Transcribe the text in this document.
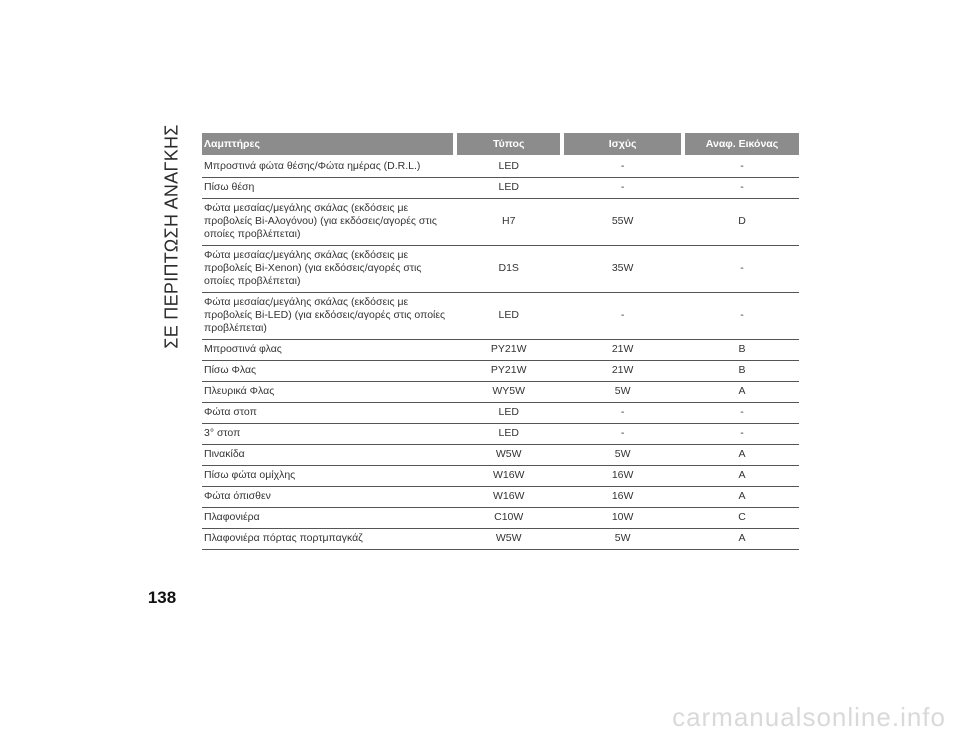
ΣΕ ΠΕΡΙΠΤΩΣΗ ΑΝΑΓΚΗΣ Λαμπτήρες		Τύπος		Ισχύς		Αναφ. Εικόνας
Μπροστινά φώτα θέσης/Φώτα ημέρας (D.R.L.)		LED		-		-
Πίσω θέση		LED		-		-
Φώτα μεσαίας/μεγάλης σκάλας (εκδόσεις με προβολείς Bi-Αλογόνου) (για εκδόσεις/αγορές στις οποίες προβλέπεται)		H7		55W		D
Φώτα μεσαίας/μεγάλης σκάλας (εκδόσεις με προβολείς Bi-Xenon) (για εκδόσεις/αγορές στις οποίες προβλέπεται)		D1S		35W		-
Φώτα μεσαίας/μεγάλης σκάλας (εκδόσεις με προβολείς Bi-LED) (για εκδόσεις/αγορές στις οποίες προβλέπεται)		LED		-		-
Μπροστινά φλας		PY21W		21W		B
Πίσω Φλας		PY21W		21W		B
Πλευρικά Φλας		WY5W		5W		A
Φώτα στοπ		LED		-		-
3° στοπ		LED		-		-
Πινακίδα		W5W		5W		A
Πίσω φώτα ομίχλης		W16W		16W		A
Φώτα όπισθεν		W16W		16W		A
Πλαφονιέρα		C10W		10W		C
Πλαφονιέρα πόρτας πορτμπαγκάζ		W5W		5W		A
138
carmanualsonline.info
